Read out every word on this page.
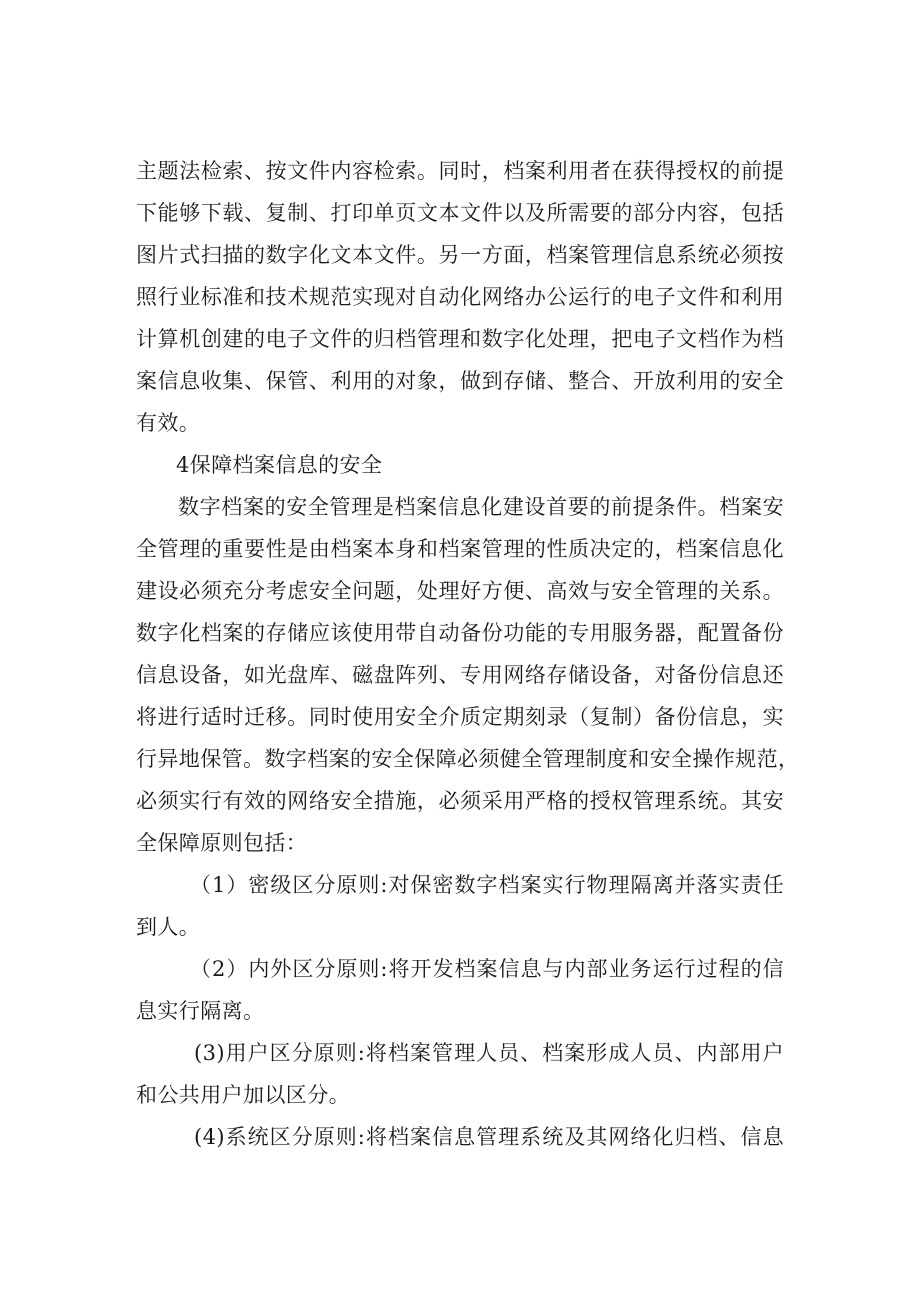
主题法检索、按文件内容检索。同时，档案利用者在获得授权的前提
下能够下载、复制、打印单页文本文件以及所需要的部分内容，包括
图片式扫描的数字化文本文件。另一方面，档案管理信息系统必须按
照行业标准和技术规范实现对自动化网络办公运行的电子文件和利用
计算机创建的电子文件的归档管理和数字化处理，把电子文档作为档
案信息收集、保管、利用的对象，做到存储、整合、开放利用的安全
有效。
4保障档案信息的安全
数字档案的安全管理是档案信息化建设首要的前提条件。档案安
全管理的重要性是由档案本身和档案管理的性质决定的，档案信息化
建设必须充分考虑安全问题，处理好方便、高效与安全管理的关系。
数字化档案的存储应该使用带自动备份功能的专用服务器，配置备份
信息设备，如光盘库、磁盘阵列、专用网络存储设备，对备份信息还
将进行适时迁移。同时使用安全介质定期刻录（复制）备份信息，实
行异地保管。数字档案的安全保障必须健全管理制度和安全操作规范，
必须实行有效的网络安全措施，必须采用严格的授权管理系统。其安
全保障原则包括：
（1）密级区分原则:对保密数字档案实行物理隔离并落实责任
到人。
（2）内外区分原则:将开发档案信息与内部业务运行过程的信
息实行隔离。
(3)用户区分原则:将档案管理人员、档案形成人员、内部用户
和公共用户加以区分。
(4)系统区分原则:将档案信息管理系统及其网络化归档、信息
